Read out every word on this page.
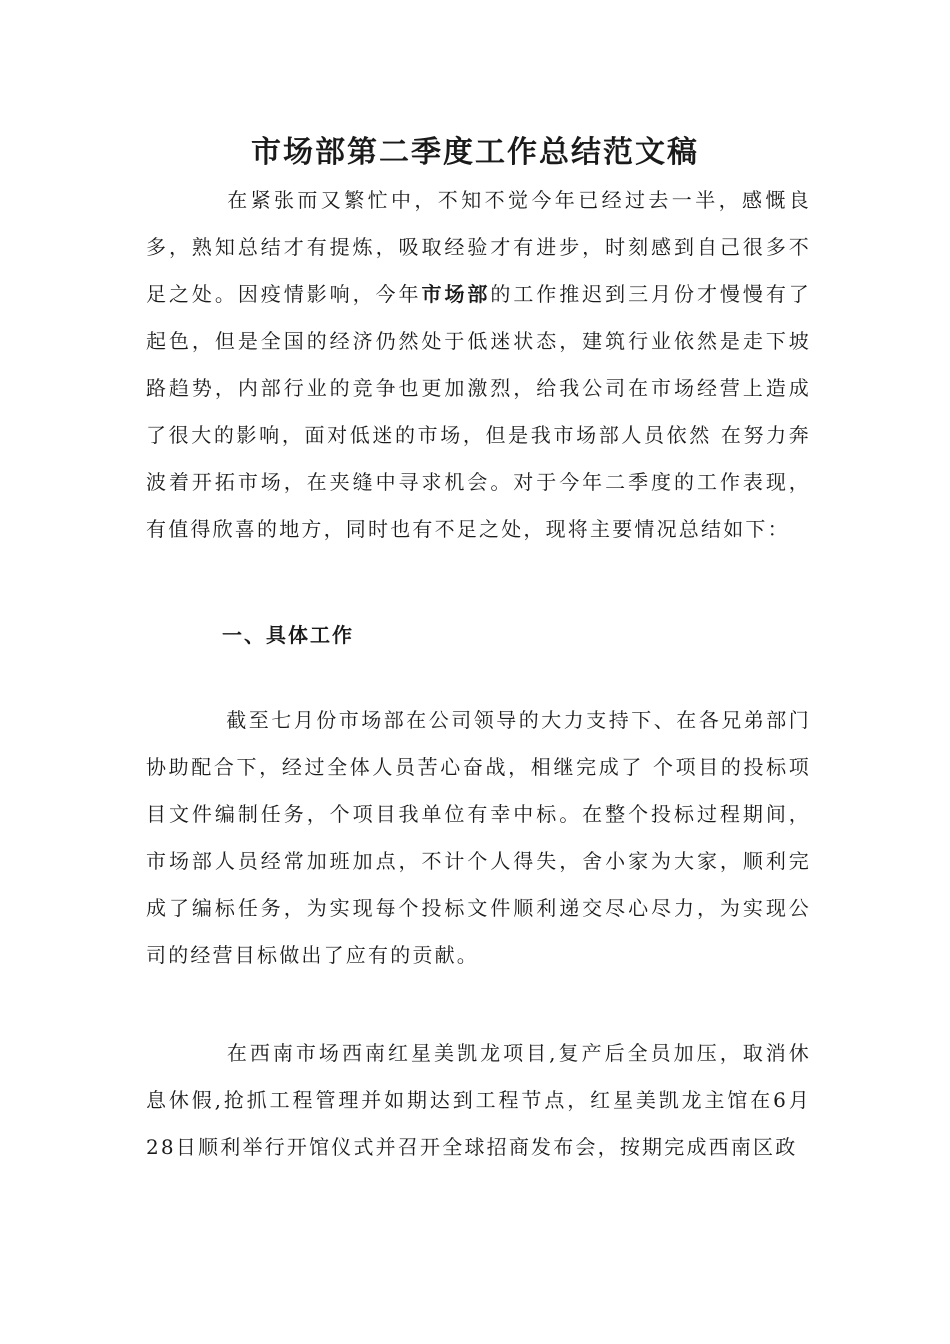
市场部第二季度工作总结范文稿

在紧张而又繁忙中，不知不觉今年已经过去一半，感慨良多，熟知总结才有提炼，吸取经验才有进步，时刻感到自己很多不足之处。因疫情影响，今年市场部的工作推迟到三月份才慢慢有了起色，但是全国的经济仍然处于低迷状态，建筑行业依然是走下坡路趋势，内部行业的竞争也更加激烈，给我公司在市场经营上造成了很大的影响，面对低迷的市场，但是我市场部人员依然 在努力奔波着开拓市场，在夹缝中寻求机会。对于今年二季度的工作表现，有值得欣喜的地方，同时也有不足之处，现将主要情况总结如下：

一、具体工作

截至七月份市场部在公司领导的大力支持下、在各兄弟部门协助配合下，经过全体人员苦心奋战，相继完成了 个项目的投标项目文件编制任务，个项目我单位有幸中标。在整个投标过程期间，市场部人员经常加班加点，不计个人得失，舍小家为大家，顺利完成了编标任务，为实现每个投标文件顺利递交尽心尽力，为实现公司的经营目标做出了应有的贡献。

在西南市场西南红星美凯龙项目,复产后全员加压，取消休息休假,抢抓工程管理并如期达到工程节点，红星美凯龙主馆在6月28日顺利举行开馆仪式并召开全球招商发布会，按期完成西南区政
